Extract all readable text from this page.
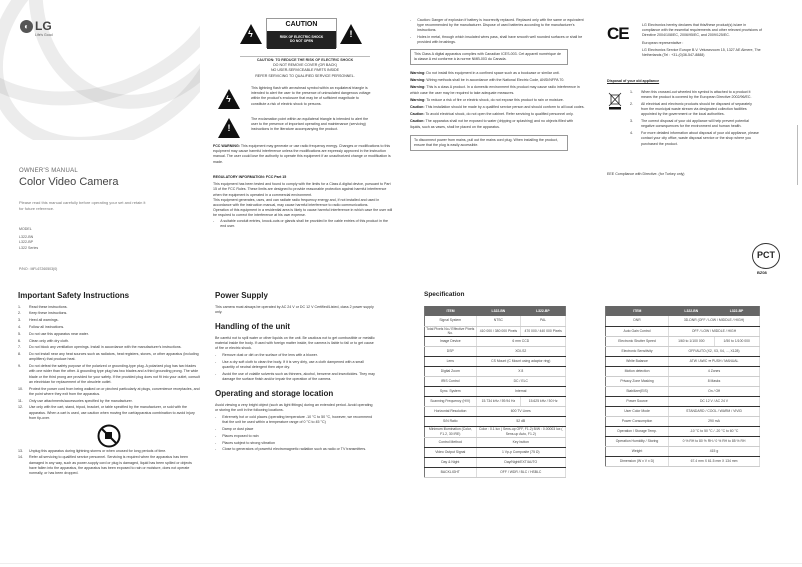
◐ LG
Life's Good
OWNER'S MANUAL
Color Video Camera
Please read this manual carefully before operating your set and retain it for future reference.
MODEL
L322-BN
L322-BP
L322 Series
P/NO : MFL67260503(0)
ϟ
CAUTION
RISK OF ELECTRIC SHOCK
DO NOT OPEN
!
CAUTION: TO REDUCE THE RISK OF ELECTRIC SHOCK
DO NOT REMOVE COVER (OR BACK)
NO USER-SERVICEABLE PARTS INSIDE
REFER SERVICING TO QUALIFIED SERVICE PERSONNEL.
ϟ

This lightning flash with arrowhead symbol within an equilateral triangle is intended to alert the user to the presence of uninsulated dangerous voltage within the product's enclosure that may be of sufficient magnitude to constitute a risk of electric shock to persons.

!

The exclamation point within an equilateral triangle is intended to alert the user to the presence of important operating and maintenance (servicing) instructions in the literature accompanying the product.

FCC WARNING: This equipment may generate or use radio frequency energy. Changes or modifications to this equipment may cause harmful interference unless the modifications are expressly approved in the instruction manual. The user could lose the authority to operate this equipment if an unauthorized change or modification is made.

REGULATORY INFORMATION: FCC Part 15

This equipment has been tested and found to comply with the limits for a Class A digital device, pursuant to Part 15 of the FCC Rules. These limits are designed to provide reasonable protection against harmful interference when the equipment is operated in a commercial environment.

This equipment generates, uses, and can radiate radio frequency energy and, if not installed and used in accordance with the instruction manual, may cause harmful interference to radio communications.

Operation of this equipment in a residential area is likely to cause harmful interference in which case the user will be required to correct the interference at his own expense.

- A suitable conduit entries, knock-outs or glands shall be provided in the cable entries of this product in the end user.
- Caution: Danger of explosion if battery is incorrectly replaced. Replaced only with the same or equivalent type recommended by the manufacturer. Dispose of used batteries according to the manufacturer's instructions.
- Holes in metal, through which insulated wires pass, shall have smooth well rounded surfaces or shall be provided with brushings.

This Class A digital apparatus complies with Canadian ICES-003. Cet appareil numérique de la classe A est conforme à la norme NMB-003 du Canada.

Warning: Do not install this equipment in a confined space such as a bookcase or similar unit.

Warning: Wiring methods shall be in accordance with the National Electric Code, ANSI/NFPA 70.

Warning: This is a class A product. In a domestic environment this product may cause radio interference in which case the user may be required to take adequate measures.

Warning: To reduce a risk of fire or electric shock, do not expose this product to rain or moisture.

Caution: This installation should be made by a qualified service person and should conform to all local codes.

Caution: To avoid electrical shock, do not open the cabinet. Refer servicing to qualified personnel only.

Caution: The apparatus shall not be exposed to water (dripping or splashing) and no objects filled with liquids, such as vases, shall be placed on the apparatus.

To disconnect power from mains, pull out the mains cord plug. When installing the product, ensure that the plug is easily accessible.

CE	LG Electronics hereby declares that this/these product(s) is/are in compliance with the essential requirements and other relevant provisions of Directive 2004/108/EC, 2006/95/EC, and 2009/125/EC.

European representative :

LG Electronics Service Europe B.V. Veluwezoom 15, 1327 AE Almere, The Netherlands (Tel : +31-(0)36-547-8888)

Disposal of your old appliance

1.	When this crossed-out wheeled bin symbol is attached to a product it means the product is covered by the European Directive 2002/96/EC.
2.	All electrical and electronic products should be disposed of separately from the municipal waste stream via designated collection facilities appointed by the government or the local authorities.
3.	The correct disposal of your old appliance will help prevent potential negative consequences for the environment and human health.
4.	For more detailed information about disposal of your old appliance, please contact your city office, waste disposal service or the shop where you purchased the product.

EEE Compliance with Directive. (for Turkey only)

PCT
BZ08
Important Safety Instructions
1.	Read these instructions.
2.	Keep these instructions.
3.	Heed all warnings.
4.	Follow all instructions.
5.	Do not use this apparatus near water.
6.	Clean only with dry cloth.
7.	Do not block any ventilation openings. Install in accordance with the manufacturer's instructions.
8.	Do not install near any heat sources such as radiators, heat registers, stoves, or other apparatus (including amplifiers) that produce heat.
9.	Do not defeat the safety purpose of the polarized or grounding-type plug. A polarized plug has two blades with one wider than the other. A grounding type plug has two blades and a third grounding prong. The wide blade or the third prong are provided for your safety. If the provided plug does not fit into your outlet, consult an electrician for replacement of the obsolete outlet.
10.	Protect the power cord from being walked on or pinched particularly at plugs, convenience receptacles, and the point where they exit from the apparatus.
11.	Only use attachments/accessories specified by the manufacturer.
12.	Use only with the cart, stand, tripod, bracket, or table specified by the manufacturer, or sold with the apparatus. When a cart is used, use caution when moving the cart/apparatus combination to avoid injury from tip-over.
13.	Unplug this apparatus during lightning storms or when unused for long periods of time.
14.	Refer all servicing to qualified service personnel. Servicing is required when the apparatus has been damaged in any way, such as power-supply cord or plug is damaged, liquid has been spilled or objects have fallen into the apparatus, the apparatus has been exposed to rain or moisture, does not operate normally, or has been dropped.
Power Supply

This camera must always be operated by AC 24 V or DC 12 V Certified/Listed, class 2 power supply only.

Handling of the unit

Be careful not to spill water or other liquids on the unit. Be cautious not to get combustible or metallic material inside the body. If used with foreign matter inside, the camera is liable to fail or to get cause of fire or electric shock.

- Remove dust or dirt on the surface of the lens with a blower.
- Use a dry soft cloth to clean the body. If it is very dirty, use a cloth dampened with a small quantity of neutral detergent then wipe dry.
- Avoid the use of volatile solvents such as thinners, alcohol, benzene and insecticides. They may damage the surface finish and/or impair the operation of the camera.
Operating and storage location

Avoid viewing a very bright object (such as light fittings) during an extended period. Avoid operating or storing the unit in the following locations.

- Extremely hot or cold places (operating temperature -10 °C to 50 °C, however, we recommend that the unit be used within a temperature range of 0 °C to 45 °C)
- Damp or dust place
- Places exposed to rain
- Places subject to strong vibration
- Close to generators of powerful electromagnetic radiation such as radio or TV transmitters.
Specification
ITEM	L322-BN	L322-BP
Signal System	NTSC	PAL
Total Pixels No./ Effective Pixels No.	410 000 / 380 000 Pixels	470 000 / 440 000 Pixels
Image Device	6 mm CCD	
DSP	XDI-S2	
Lens	CS Mount (C Mount using adaptor ring)	
Digital Zoom	X 8	
IRIS Control	DC / ELC	
Sync. System	Internal	
Scanning Frequency (H/V)	15.734 kHz / 59.94 Hz	15.625 kHz / 50 Hz
Horizontal Resolution	600 TV Lines	
S/N Ratio	52 dB	
Minimum Illumination (Color, F1.2, 30 IRE)	Color : 0.1 lux ( Sens-up OFF, F1.2) B/W : 0.00003 lux ( Sens-up Auto, F1.2)	
Control Method	Key button	
Video Output Signal	1 Vp-p Composite (75 Ω)	
Day & Night	Day/Night/EXT/AUTO	
BACKLIGHT	OFF / WDR / BLC / HSBLC	
ITEM	L322-BN	L322-BP
DNR	3D-DNR (OFF / LOW / MIDDLE / HIGH)	
Auto Gain Control	OFF / LOW / MIDDLE / HIGH	
Electronic Shutter Speed	1/60 to 1/100 000	1/50 to 1/100 000
Electronic Sensitivity	OFF/AUTO (X2, X3, X4, ..., X128)	
White Balance	ATW / AWC ➡ PUSH / MANUAL	
Motion detection	4 Zones	
Privacy Zone Masking	8 Masks	
Stabilizer(EIS)	On / Off	
Power Source	DC 12 V / AC 24 V	
User Color Mode	STANDARD / COOL / WARM / VIVID	
Power Consumption	290 mA	
Operation / Storage Temp.	-10 °C to 50 °C / -20 °C to 60 °C	
Operation Humidity / Storing	0 % RH to 80 % RH / 0 % RH to 85 % RH	
Weight	415 g	
Dimension (W x V x D)	67.4 mm X 61.5 mm X 134 mm	
